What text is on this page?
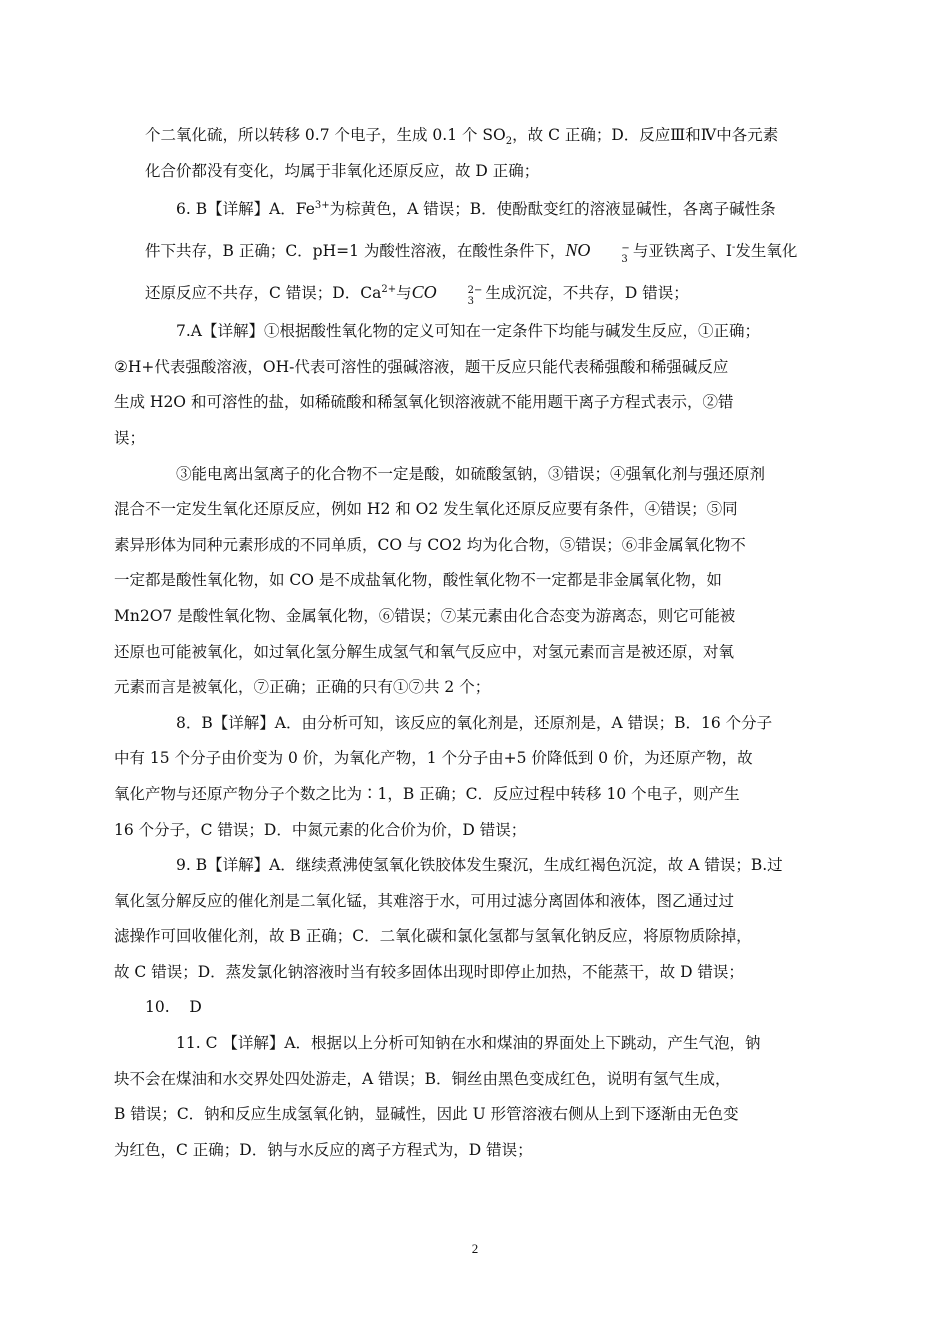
个二氧化硫，所以转移 0.7 个电子，生成 0.1 个 $SO_2$，故 C 正确；D．反应Ⅲ和Ⅳ中各元素
化合价都没有变化，均属于非氧化还原反应，故 D 正确；

6. B【详解】A．$Fe^{3+}$为棕黄色，A 错误；B．使酚酞变红的溶液显碱性，各离子碱性条
件下共存，B 正确；C．pH=1 为酸性溶液，在酸性条件下，NO	−
3 与亚铁离子、I-发生氧化
还原反应不共存，C 错误；D．$Ca^{2+}$与CO	2−
3 生成沉淀，不共存，D 错误；

7.A【详解】①根据酸性氧化物的定义可知在一定条件下均能与碱发生反应，①正确；
②H+代表强酸溶液，OH-代表可溶性的强碱溶液，题干反应只能代表稀强酸和稀强碱反应
生成 H2O 和可溶性的盐，如稀硫酸和稀氢氧化钡溶液就不能用题干离子方程式表示，②错
误；

③能电离出氢离子的化合物不一定是酸，如硫酸氢钠，③错误；④强氧化剂与强还原剂
混合不一定发生氧化还原反应，例如 H2 和 O2 发生氧化还原反应要有条件，④错误；⑤同
素异形体为同种元素形成的不同单质，CO 与 CO2 均为化合物，⑤错误；⑥非金属氧化物不
一定都是酸性氧化物，如 CO 是不成盐氧化物，酸性氧化物不一定都是非金属氧化物，如
Mn2O7 是酸性氧化物、金属氧化物，⑥错误；⑦某元素由化合态变为游离态，则它可能被
还原也可能被氧化，如过氧化氢分解生成氢气和氧气反应中，对氢元素而言是被还原，对氧
元素而言是被氧化，⑦正确；正确的只有①⑦共 2 个；

8．B【详解】A．由分析可知，该反应的氧化剂是，还原剂是，A 错误；B．16 个分子
中有 15 个分子由价变为 0 价，为氧化产物，1 个分子由+5 价降低到 0 价，为还原产物，故
氧化产物与还原产物分子个数之比为∶1，B 正确；C．反应过程中转移 10 个电子，则产生
16 个分子，C 错误；D．中氮元素的化合价为价，D 错误；

9. B【详解】A．继续煮沸使氢氧化铁胶体发生聚沉，生成红褐色沉淀，故 A 错误；B.过
氧化氢分解反应的催化剂是二氧化锰，其难溶于水，可用过滤分离固体和液体，图乙通过过
滤操作可回收催化剂，故 B 正确；C．二氧化碳和氯化氢都与氢氧化钠反应，将原物质除掉，
故 C 错误；D．蒸发氯化钠溶液时当有较多固体出现时即停止加热，不能蒸干，故 D 错误；

10.    D

11. C 【详解】A．根据以上分析可知钠在水和煤油的界面处上下跳动，产生气泡，钠
块不会在煤油和水交界处四处游走，A 错误；B．铜丝由黑色变成红色，说明有氢气生成，
B 错误；C．钠和反应生成氢氧化钠，显碱性，因此 U 形管溶液右侧从上到下逐渐由无色变
为红色，C 正确；D．钠与水反应的离子方程式为，D 错误；

2
